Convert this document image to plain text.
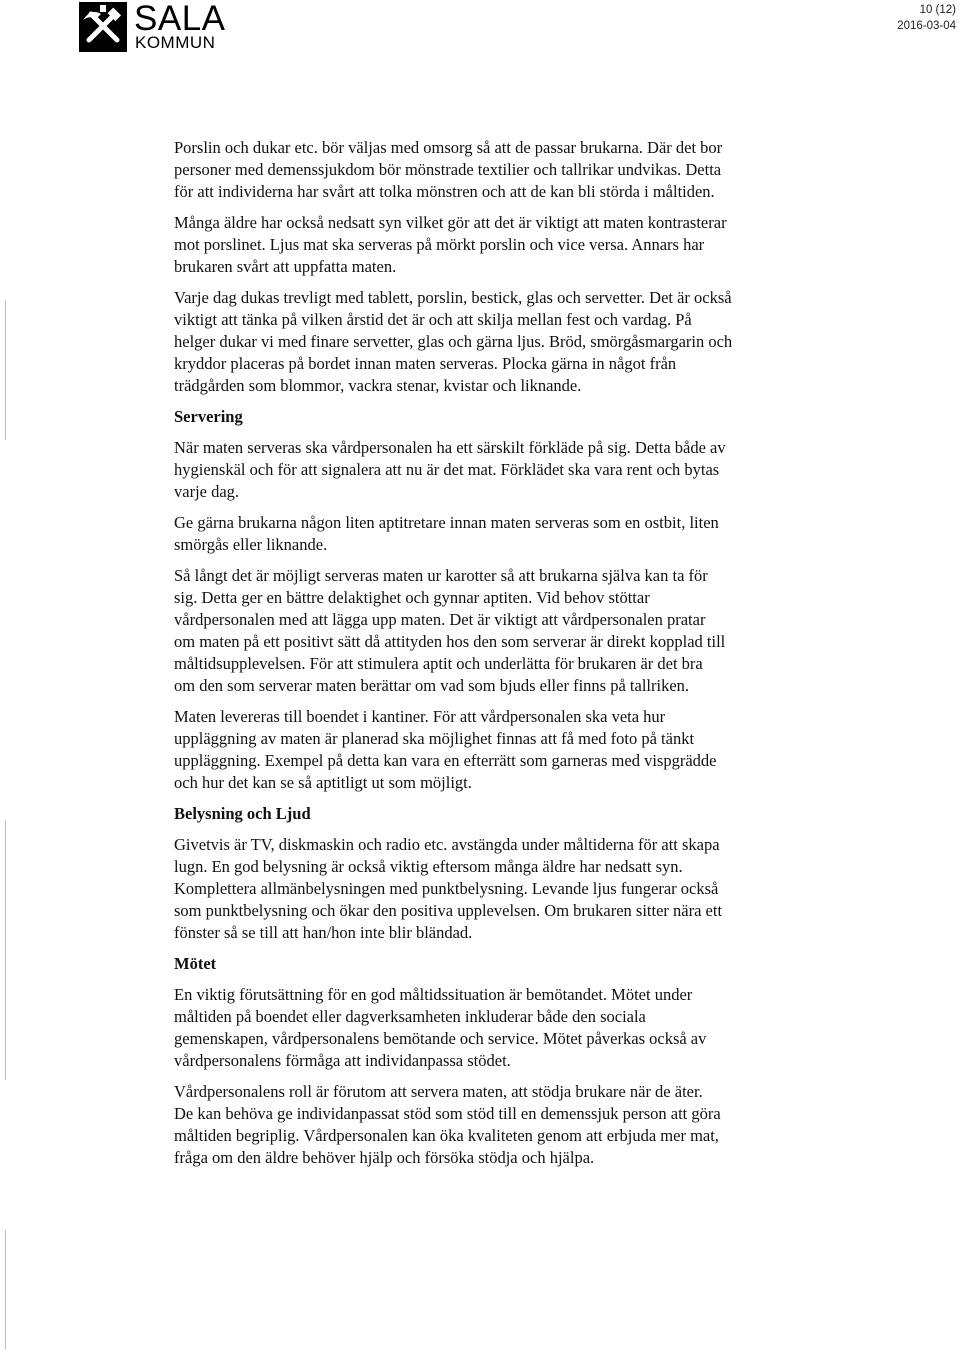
SALA
KOMMUN
10 (12)
2016-03-04

Porslin och dukar etc. bör väljas med omsorg så att de passar brukarna. Där det bor
personer med demenssjukdom bör mönstrade textilier och tallrikar undvikas. Detta
för att individerna har svårt att tolka mönstren och att de kan bli störda i måltiden.

Många äldre har också nedsatt syn vilket gör att det är viktigt att maten kontrasterar
mot porslinet. Ljus mat ska serveras på mörkt porslin och vice versa. Annars har
brukaren svårt att uppfatta maten.

Varje dag dukas trevligt med tablett, porslin, bestick, glas och servetter. Det är också
viktigt att tänka på vilken årstid det är och att skilja mellan fest och vardag. På
helger dukar vi med finare servetter, glas och gärna ljus. Bröd, smörgåsmargarin och
kryddor placeras på bordet innan maten serveras. Plocka gärna in något från
trädgården som blommor, vackra stenar, kvistar och liknande.

Servering

När maten serveras ska vårdpersonalen ha ett särskilt förkläde på sig. Detta både av
hygienskäl och för att signalera att nu är det mat. Förklädet ska vara rent och bytas
varje dag.

Ge gärna brukarna någon liten aptitretare innan maten serveras som en ostbit, liten
smörgås eller liknande.

Så långt det är möjligt serveras maten ur karotter så att brukarna själva kan ta för
sig. Detta ger en bättre delaktighet och gynnar aptiten. Vid behov stöttar
vårdpersonalen med att lägga upp maten. Det är viktigt att vårdpersonalen pratar
om maten på ett positivt sätt då attityden hos den som serverar är direkt kopplad till
måltidsupplevelsen. För att stimulera aptit och underlätta för brukaren är det bra
om den som serverar maten berättar om vad som bjuds eller finns på tallriken.

Maten levereras till boendet i kantiner. För att vårdpersonalen ska veta hur
uppläggning av maten är planerad ska möjlighet finnas att få med foto på tänkt
uppläggning. Exempel på detta kan vara en efterrätt som garneras med vispgrädde
och hur det kan se så aptitligt ut som möjligt.

Belysning och Ljud

Givetvis är TV, diskmaskin och radio etc. avstängda under måltiderna för att skapa
lugn. En god belysning är också viktig eftersom många äldre har nedsatt syn.
Komplettera allmänbelysningen med punktbelysning. Levande ljus fungerar också
som punktbelysning och ökar den positiva upplevelsen. Om brukaren sitter nära ett
fönster så se till att han/hon inte blir bländad.

Mötet

En viktig förutsättning för en god måltidssituation är bemötandet. Mötet under
måltiden på boendet eller dagverksamheten inkluderar både den sociala
gemenskapen, vårdpersonalens bemötande och service. Mötet påverkas också av
vårdpersonalens förmåga att individanpassa stödet.

Vårdpersonalens roll är förutom att servera maten, att stödja brukare när de äter.
De kan behöva ge individanpassat stöd som stöd till en demenssjuk person att göra
måltiden begriplig. Vårdpersonalen kan öka kvaliteten genom att erbjuda mer mat,
fråga om den äldre behöver hjälp och försöka stödja och hjälpa.
